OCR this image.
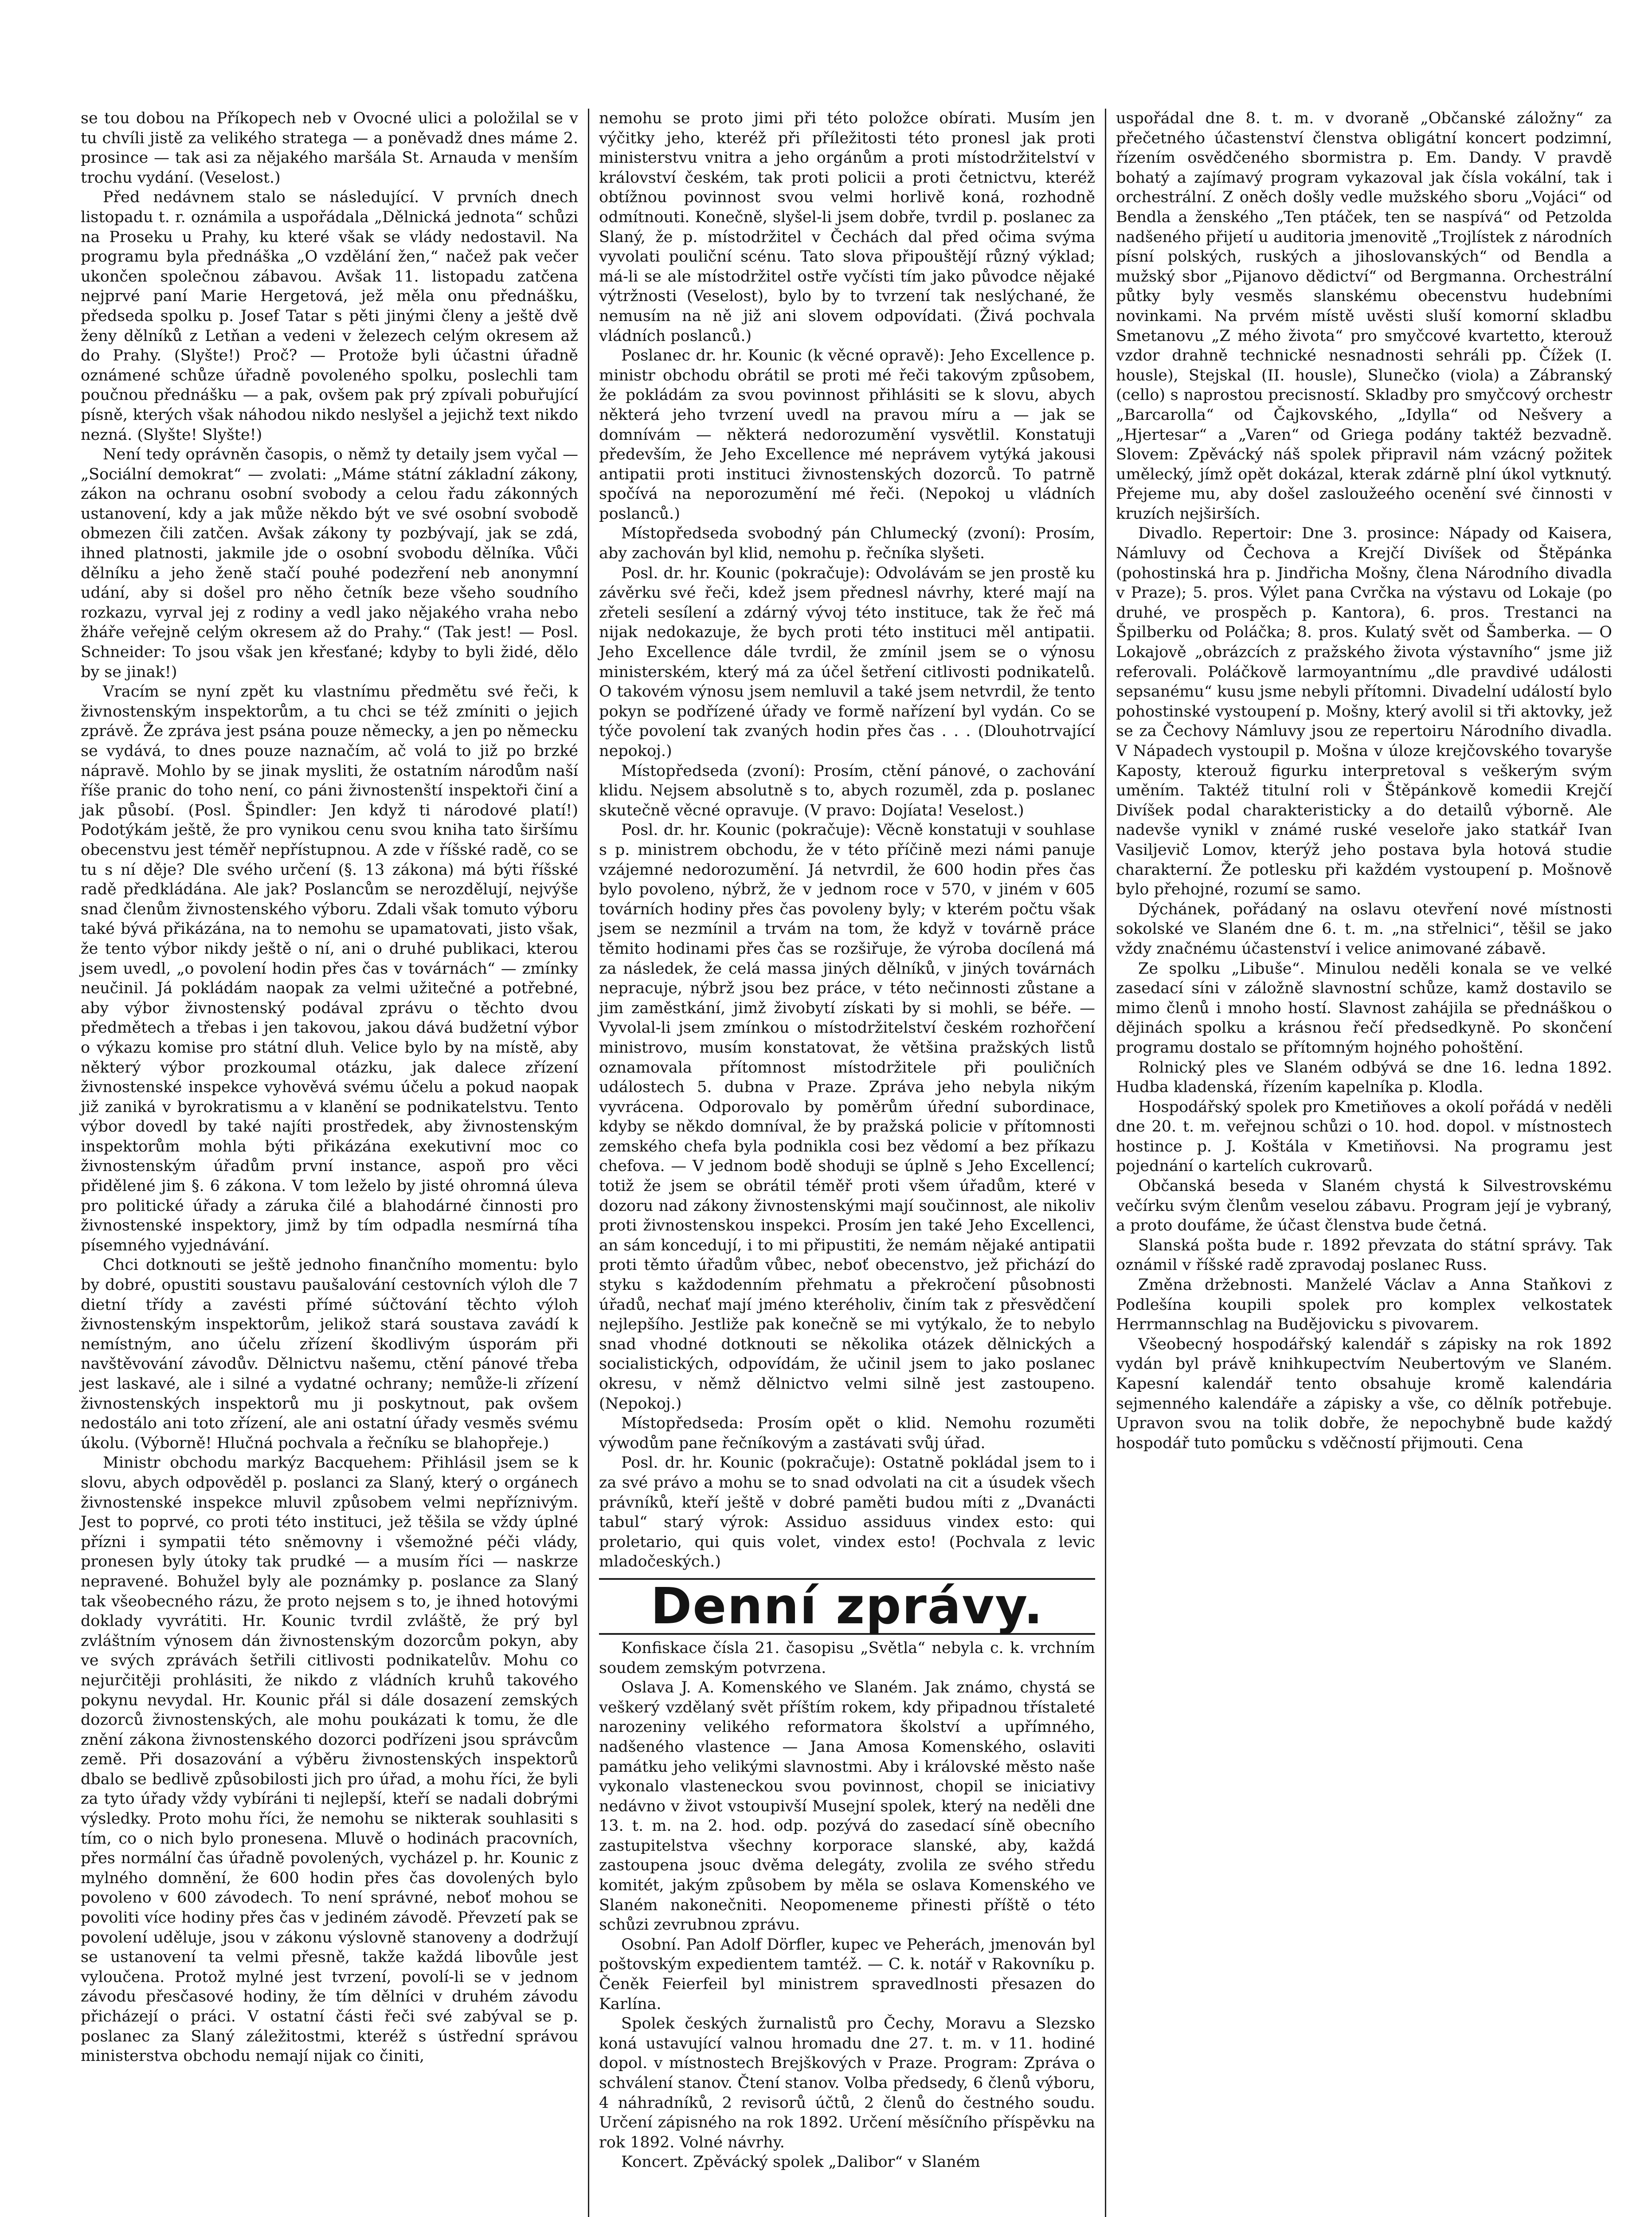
se tou dobou na Příkopech neb v Ovocné ulici a položilal se v tu chvíli jistě za velikého stratega — a poněvadž dnes máme 2. prosince — tak asi za nějakého maršála St. Arnauda v menším trochu vydání. (Veselost.)

Před nedávnem stalo se následující. V prvních dnech listopadu t. r. oznámila a uspořádala „Dělnická jednota“ schůzi na Proseku u Prahy, ku které však se vlády nedostavil. Na programu byla přednáška „O vzdělání žen,“ načež pak večer ukončen společnou zábavou. Avšak 11. listopadu zatčena nejprvé paní Marie Hergetová, jež měla onu přednášku, předseda spolku p. Josef Tatar s pěti jinými členy a ještě dvě ženy dělníků z Letňan a vedeni v železech celým okresem až do Prahy. (Slyšte!) Proč? — Protože byli účastni úřadně oznámené schůze úřadně povoleného spolku, poslechli tam poučnou přednášku — a pak, ovšem pak prý zpívali pobuřující písně, kterých však náhodou nikdo neslyšel a jejichž text nikdo nezná. (Slyšte! Slyšte!)

Není tedy oprávněn časopis, o němž ty detaily jsem vyčal — „Sociální demokrat“ — zvolati: „Máme státní základní zákony, zákon na ochranu osobní svobody a celou řadu zákonných ustanovení, kdy a jak může někdo být ve své osobní svobodě obmezen čili zatčen. Avšak zákony ty pozbývají, jak se zdá, ihned platnosti, jakmile jde o osobní svobodu dělníka. Vůči dělníku a jeho ženě stačí pouhé podezření neb anonymní udání, aby si došel pro něho četník beze všeho soudního rozkazu, vyrval jej z rodiny a vedl jako nějakého vraha nebo žháře veřejně celým okresem až do Prahy.“ (Tak jest! — Posl. Schneider: To jsou však jen křesťané; kdyby to byli židé, dělo by se jinak!)

Vracím se nyní zpět ku vlastnímu předmětu své řeči, k živnostenským inspektorům, a tu chci se též zmíniti o jejich zprávě. Že zpráva jest psána pouze německy, a jen po německu se vydává, to dnes pouze naznačím, ač volá to již po brzké nápravě. Mohlo by se jinak mysliti, že ostatním národům naší říše pranic do toho není, co páni živnostenští inspektoři činí a jak působí. (Posl. Špindler: Jen když ti národové platí!) Podotýkám ještě, že pro vynikou cenu svou kniha tato širšímu obecenstvu jest téměř nepřístupnou. A zde v říšské radě, co se tu s ní děje? Dle svého určení (§. 13 zákona) má býti říšské radě předkládána. Ale jak? Poslancům se nerozdělují, nejvýše snad členům živnostenského výboru. Zdali však tomuto výboru také bývá přikázána, na to nemohu se upamatovati, jisto však, že tento výbor nikdy ještě o ní, ani o druhé publikaci, kterou jsem uvedl, „o povolení hodin přes čas v továrnách“ — zmínky neučinil. Já pokládám naopak za velmi užitečné a potřebné, aby výbor živnostenský podával zprávu o těchto dvou předmětech a třebas i jen takovou, jakou dává budžetní výbor o výkazu komise pro státní dluh. Velice bylo by na místě, aby některý výbor prozkoumal otázku, jak dalece zřízení živnostenské inspekce vyhověvá svému účelu a pokud naopak již zaniká v byrokratismu a v klanění se podnikatelstvu. Tento výbor dovedl by také najíti prostředek, aby živnostenským inspektorům mohla býti přikázána exekutivní moc co živnostenským úřadům první instance, aspoň pro věci přidělené jim §. 6 zákona. V tom leželo by jisté ohromná úleva pro politické úřady a záruka čilé a blahodárné činnosti pro živnostenské inspektory, jimž by tím odpadla nesmírná tíha písemného vyjednávání.

Chci dotknouti se ještě jednoho finančního momentu: bylo by dobré, opustiti soustavu paušalování cestovních výloh dle 7 dietní třídy a zavésti přímé súčtování těchto výloh živnostenským inspektorům, jelikož stará soustava zavádí k nemístným, ano účelu zřízení škodlivým úsporám při navštěvování závodův. Dělnictvu našemu, ctění pánové třeba jest laskavé, ale i silné a vydatné ochrany; nemůže-li zřízení živnostenských inspektorů mu ji poskytnout, pak ovšem nedostálo ani toto zřízení, ale ani ostatní úřady vesměs svému úkolu. (Výborně! Hlučná pochvala a řečníku se blahopřeje.)

Ministr obchodu markýz Bacquehem: Přihlásil jsem se k slovu, abych odpověděl p. poslanci za Slaný, který o orgánech živnostenské inspekce mluvil způsobem velmi nepříznivým. Jest to poprvé, co proti této instituci, jež těšila se vždy úplné přízni i sympatii této sněmovny i všemožné péči vlády, pronesen byly útoky tak prudké — a musím říci — naskrze nepravené. Bohužel byly ale poznámky p. poslance za Slaný tak všeobecného rázu, že proto nejsem s to, je ihned hotovými doklady vyvrátiti. Hr. Kounic tvrdil zvláště, že prý byl zvláštním výnosem dán živnostenským dozorcům pokyn, aby ve svých zprávách šetřili citlivosti podnikatelův. Mohu co nejurčitěji prohlásiti, že nikdo z vládních kruhů takového pokynu nevydal. Hr. Kounic přál si dále dosazení zemských dozorců živnostenských, ale mohu poukázati k tomu, že dle znění zákona živnostenského dozorci podřízeni jsou správcům země. Při dosazování a výběru živnostenských inspektorů dbalo se bedlivě způsobilosti jich pro úřad, a mohu říci, že byli za tyto úřady vždy vybíráni ti nejlepší, kteří se nadali dobrými výsledky. Proto mohu říci, že nemohu se nikterak souhlasiti s tím, co o nich bylo pronesena. Mluvě o hodinách pracovních, přes normální čas úřadně povolených, vycházel p. hr. Kounic z mylného domnění, že 600 hodin přes čas dovolených bylo povoleno v 600 závodech. To není správné, neboť mohou se povoliti více hodiny přes čas v jediném závodě. Převzetí pak se povolení uděluje, jsou v zákonu výslovně stanoveny a dodržují se ustanovení ta velmi přesně, takže každá libovůle jest vyloučena. Protož mylné jest tvrzení, povolí-li se v jednom závodu přesčasové hodiny, že tím dělníci v druhém závodu přicházejí o práci. V ostatní části řeči své zabýval se p. poslanec za Slaný záležitostmi, kteréž s ústřední správou ministerstva obchodu nemají nijak co činiti,

nemohu se proto jimi při této položce obírati. Musím jen výčitky jeho, kteréž při příležitosti této pronesl jak proti ministerstvu vnitra a jeho orgánům a proti místodržitelství v království českém, tak proti policii a proti četnictvu, kteréž obtížnou povinnost svou velmi horlivě koná, rozhodně odmítnouti. Konečně, slyšel-li jsem dobře, tvrdil p. poslanec za Slaný, že p. místodržitel v Čechách dal před očima svýma vyvolati pouliční scénu. Tato slova připouštějí různý výklad; má-li se ale místodržitel ostře vyčísti tím jako původce nějaké výtržnosti (Veselost), bylo by to tvrzení tak neslýchané, že nemusím na ně již ani slovem odpovídati. (Živá pochvala vládních poslanců.)

Poslanec dr. hr. Kounic (k věcné opravě): Jeho Excellence p. ministr obchodu obrátil se proti mé řeči takovým způsobem, že pokládám za svou povinnost přihlásiti se k slovu, abych některá jeho tvrzení uvedl na pravou míru a — jak se domnívám — některá nedorozumění vysvětlil. Konstatuji především, že Jeho Excellence mé neprávem vytýká jakousi antipatii proti instituci živnostenských dozorců. To patrně spočívá na neporozumění mé řeči. (Nepokoj u vládních poslanců.)

Místopředseda svobodný pán Chlumecký (zvoní): Prosím, aby zachován byl klid, nemohu p. řečníka slyšeti.

Posl. dr. hr. Kounic (pokračuje): Odvolávám se jen prostě ku závěrku své řeči, kdež jsem přednesl návrhy, které mají na zřeteli sesílení a zdárný vývoj této instituce, tak že řeč má nijak nedokazuje, že bych proti této instituci měl antipatii. Jeho Excellence dále tvrdil, že zmínil jsem se o výnosu ministerském, který má za účel šetření citlivosti podnikatelů. O takovém výnosu jsem nemluvil a také jsem netvrdil, že tento pokyn se podřízené úřady ve formě nařízení byl vydán. Co se týče povolení tak zvaných hodin přes čas . . . (Dlouhotrvající nepokoj.)

Místopředseda (zvoní): Prosím, ctění pánové, o zachování klidu. Nejsem absolutně s to, abych rozuměl, zda p. poslanec skutečně věcné opravuje. (V pravo: Dojíata! Veselost.)

Posl. dr. hr. Kounic (pokračuje): Věcně konstatuji v souhlase s p. ministrem obchodu, že v této příčině mezi námi panuje vzájemné nedorozumění. Já netvrdil, že 600 hodin přes čas bylo povoleno, nýbrž, že v jednom roce v 570, v jiném v 605 továrních hodiny přes čas povoleny byly; v kterém počtu však jsem se nezmínil a trvám na tom, že když v továrně práce těmito hodinami přes čas se rozšiřuje, že výroba docílená má za následek, že celá massa jiných dělníků, v jiných továrnách nepracuje, nýbrž jsou bez práce, v této nečinnosti zůstane a jim zaměstkání, jimž živobytí získati by si mohli, se béře. — Vyvolal-li jsem zmínkou o místodržitelství českém rozhořčení ministrovo, musím konstatovat, že většina pražských listů oznamovala přítomnost místodržitele při pouličních událostech 5. dubna v Praze. Zpráva jeho nebyla nikým vyvrácena. Odporovalo by poměrům úřední subordinace, kdyby se někdo domníval, že by pražská policie v přítomnosti zemského chefa byla podnikla cosi bez vědomí a bez příkazu chefova. — V jednom bodě shoduji se úplně s Jeho Excellencí; totiž že jsem se obrátil téměř proti všem úřadům, které v dozoru nad zákony živnostenskými mají součinnost, ale nikoliv proti živnostenskou inspekci. Prosím jen také Jeho Excellenci, an sám koncedují, i to mi připustiti, že nemám nějaké antipatii proti těmto úřadům vůbec, neboť obecenstvo, jež přichází do styku s každodenním přehmatu a překročení působnosti úřadů, nechať mají jméno kteréholiv, činím tak z přesvědčení nejlepšího. Jestliže pak konečně se mi vytýkalo, že to nebylo snad vhodné dotknouti se několika otázek dělnických a socialistických, odpovídám, že učinil jsem to jako poslanec okresu, v němž dělnictvo velmi silně jest zastoupeno. (Nepokoj.)

Místopředseda: Prosím opět o klid. Nemohu rozuměti výwodům pane řečníkovým a zastávati svůj úřad.

Posl. dr. hr. Kounic (pokračuje): Ostatně pokládal jsem to i za své právo a mohu se to snad odvolati na cit a úsudek všech právníků, kteří ještě v dobré paměti budou míti z „Dvanácti tabul“ starý výrok: Assiduo assiduus vindex esto: qui proletario, qui quis volet, vindex esto! (Pochvala z levic mladočeských.)

Denní zprávy.

Konfiskace čísla 21. časopisu „Světla“ nebyla c. k. vrchním soudem zemským potvrzena.

Oslava J. A. Komenského ve Slaném. Jak známo, chystá se veškerý vzdělaný svět příštím rokem, kdy připadnou třístaleté narozeniny velikého reformatora školství a upřímného, nadšeného vlastence — Jana Amosa Komenského, oslaviti památku jeho velikými slavnostmi. Aby i královské město naše vykonalo vlasteneckou svou povinnost, chopil se iniciativy nedávno v život vstoupivší Musejní spolek, který na neděli dne 13. t. m. na 2. hod. odp. pozývá do zasedací síně obecního zastupitelstva všechny korporace slanské, aby, každá zastoupena jsouc dvěma delegáty, zvolila ze svého středu komitét, jakým způsobem by měla se oslava Komenského ve Slaném nakonečniti. Neopomeneme přinesti příště o této schůzi zevrubnou zprávu.

Osobní. Pan Adolf Dörfler, kupec ve Peherách, jmenován byl poštovským expedientem tamtéž. — C. k. notář v Rakovníku p. Čeněk Feierfeil byl ministrem spravedlnosti přesazen do Karlína.

Spolek českých žurnalistů pro Čechy, Moravu a Slezsko koná ustavující valnou hromadu dne 27. t. m. v 11. hodiné dopol. v místnostech Brejškových v Praze. Program: Zpráva o schválení stanov. Čtení stanov. Volba předsedy, 6 členů výboru, 4 náhradníků, 2 revisorů účtů, 2 členů do čestného soudu. Určení zápisného na rok 1892. Určení měsíčního příspěvku na rok 1892. Volné návrhy.

Koncert. Zpěvácký spolek „Dalibor“ v Slaném

uspořádal dne 8. t. m. v dvoraně „Občanské záložny“ za přečetného účastenství členstva obligátní koncert podzimní, řízením osvědčeného sbormistra p. Em. Dandy. V pravdě bohatý a zajímavý program vykazoval jak čísla vokální, tak i orchestrální. Z oněch došly vedle mužského sboru „Vojáci“ od Bendla a ženského „Ten ptáček, ten se naspívá“ od Petzolda nadšeného přijetí u auditoria jmenovitě „Trojlístek z národních písní polských, ruských a jihoslovanských“ od Bendla a mužský sbor „Pijanovo dědictví“ od Bergmanna. Orchestrální půtky byly vesměs slanskému obecenstvu hudebními novinkami. Na prvém místě uvěsti sluší komorní skladbu Smetanovu „Z mého života“ pro smyčcové kvartetto, kterouž vzdor drahně technické nesnadnosti sehráli pp. Čížek (I. housle), Stejskal (II. housle), Slunečko (viola) a Zábranský (cello) s naprostou precisností. Skladby pro smyčcový orchestr „Barcarolla“ od Čajkovského, „Idylla“ od Nešvery a „Hjertesar“ a „Varen“ od Griega podány taktéž bezvadně. Slovem: Zpěvácký náš spolek připravil nám vzácný požitek umělecký, jímž opět dokázal, kterak zdárně plní úkol vytknutý. Přejeme mu, aby došel zasloužeého ocenění své činnosti v kruzích nejširších.

Divadlo. Repertoir: Dne 3. prosince: Nápady od Kaisera, Námluvy od Čechova a Krejčí Divíšek od Štěpánka (pohostinská hra p. Jindřicha Mošny, člena Národního divadla v Praze); 5. pros. Výlet pana Cvrčka na výstavu od Lokaje (po druhé, ve prospěch p. Kantora), 6. pros. Trestanci na Špilberku od Poláčka; 8. pros. Kulatý svět od Šamberka. — O Lokajově „obrázcích z pražského života výstavního“ jsme již referovali. Poláčkově larmoyantnímu „dle pravdivé události sepsanému“ kusu jsme nebyli přítomni. Divadelní událostí bylo pohostinské vystoupení p. Mošny, který avolil si tři aktovky, jež se za Čechovy Námluvy jsou ze repertoiru Národního divadla. V Nápadech vystoupil p. Mošna v úloze krejčovského tovaryše Kaposty, kterouž figurku interpretoval s veškerým svým uměním. Taktéž titulní roli v Štěpánkově komedii Krejčí Divíšek podal charakteristicky a do detailů výborně. Ale nadevše vynikl v známé ruské veseloře jako statkář Ivan Vasiljevič Lomov, kterýž jeho postava byla hotová studie charakterní. Že potlesku při každém vystoupení p. Mošnově bylo přehojné, rozumí se samo.

Dýchánek, pořádaný na oslavu otevření nové místnosti sokolské ve Slaném dne 6. t. m. „na střelnici“, těšil se jako vždy značnému účastenství i velice animované zábavě.

Ze spolku „Libuše“. Minulou neděli konala se ve velké zasedací síni v záložně slavnostní schůze, kamž dostavilo se mimo členů i mnoho hostí. Slavnost zahájila se přednáškou o dějinách spolku a krásnou řečí předsedkyně. Po skončení programu dostalo se přítomným hojného pohoštění.

Rolnický ples ve Slaném odbývá se dne 16. ledna 1892. Hudba kladenská, řízením kapelníka p. Klodla.

Hospodářský spolek pro Kmetiňoves a okolí pořádá v neděli dne 20. t. m. veřejnou schůzi o 10. hod. dopol. v místnostech hostince p. J. Koštála v Kmetiňovsi. Na programu jest pojednání o kartelích cukrovarů.

Občanská beseda v Slaném chystá k Silvestrovskému večírku svým členům veselou zábavu. Program její je vybraný, a proto doufáme, že účast členstva bude četná.

Slanská pošta bude r. 1892 převzata do státní správy. Tak oznámil v říšské radě zpravodaj poslanec Russ.

Změna držebnosti. Manželé Václav a Anna Staňkovi z Podlešína koupili spolek pro komplex velkostatek Herrmannschlag na Budějovicku s pivovarem.

Všeobecný hospodářský kalendář s zápisky na rok 1892 vydán byl právě knihkupectvím Neubertovým ve Slaném. Kapesní kalendář tento obsahuje kromě kalendária sejmenného kalendáře a zápisky a vše, co dělník potřebuje. Upravon svou na tolik dobře, že nepochybně bude každý hospodář tuto pomůcku s vděčností přijmouti. Cena
